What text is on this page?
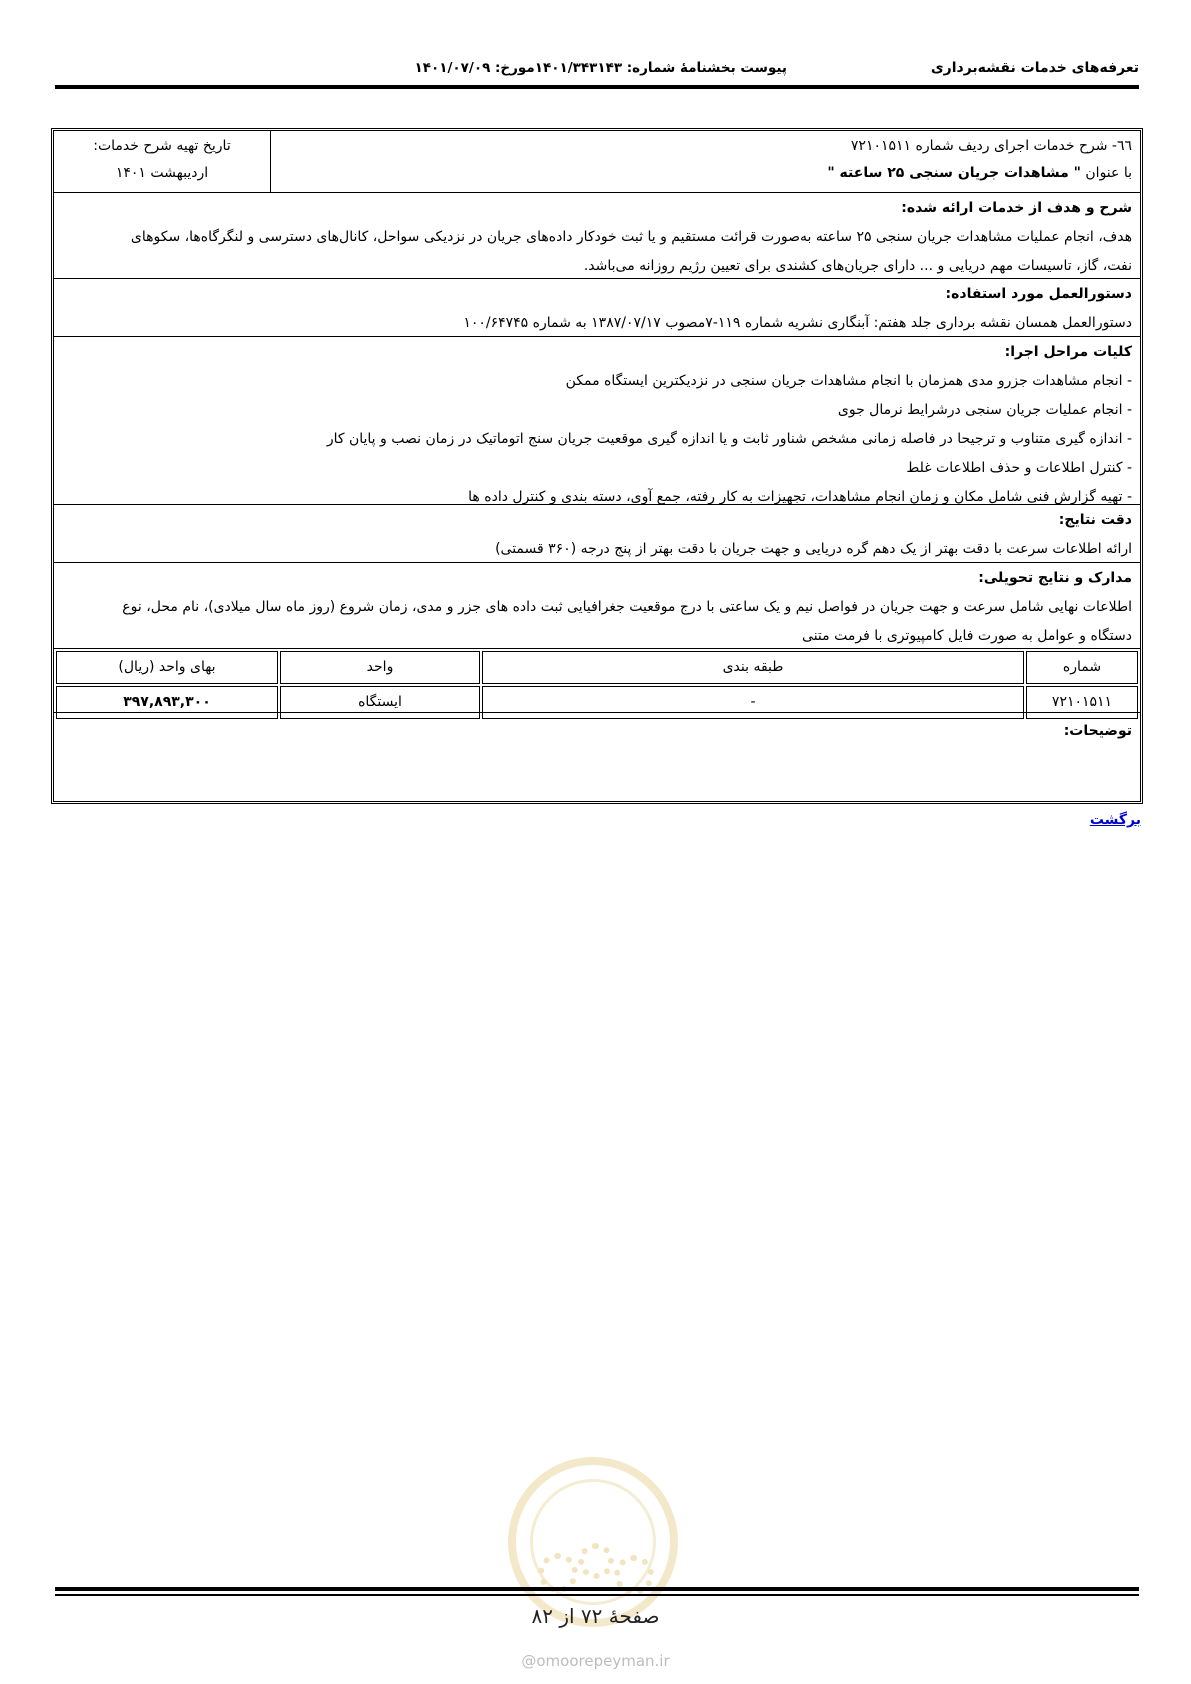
تعرفه‌های خدمات نقشه‌برداری
پیوست بخشنامۀ شماره: ۱۴۰۱/۳۴۳۱۴۳مورخ: ۱۴۰۱/۰۷/۰۹
٦٦- شرح خدمات اجرای ردیف شماره ۷۲۱۰۱۵۱۱
با عنوان " مشاهدات جریان سنجی ۲۵ ساعته "
تاریخ تهیه شرح خدمات:
اردیبهشت ۱۴۰۱
شرح و هدف از خدمات ارائه شده:
هدف، انجام عملیات مشاهدات جریان سنجی ۲۵ ساعته به‌صورت قرائت مستقیم و یا ثبت خودکار داده‌های جریان در نزدیکی سواحل، کانال‌های دسترسی و لنگرگاه‌ها، سکوهای
نفت، گاز، تاسیسات مهم دریایی و ... دارای جریان‌های کشندی برای تعیین رژیم روزانه می‌باشد.
دستورالعمل مورد استفاده:
دستورالعمل همسان نقشه برداری جلد هفتم: آبنگاری نشریه شماره ۱۱۹-۷مصوب ۱۳۸۷/۰۷/۱۷ به شماره ۱۰۰/۶۴۷۴۵
کلیات مراحل اجرا:
- انجام مشاهدات جزرو مدی همزمان با انجام مشاهدات جریان سنجی در نزدیکترین ایستگاه ممکن
- انجام عملیات جریان سنجی درشرایط نرمال جوی
- اندازه گیری متناوب و ترجیحا در فاصله زمانی مشخص شناور ثابت و یا اندازه گیری موقعیت جریان سنج اتوماتیک در زمان نصب و پایان کار
- کنترل اطلاعات و حذف اطلاعات غلط
- تهیه گزارش فنی شامل مکان و زمان انجام مشاهدات، تجهیزات به کار رفته، جمع آوی، دسته بندی و کنترل داده ها
دقت نتایج:
ارائه اطلاعات سرعت با دقت بهتر از یک دهم گره دریایی و جهت جریان با دقت بهتر از پنج درجه (۳۶۰ قسمتی)
مدارک و نتایج تحویلی:
اطلاعات نهایی شامل سرعت و جهت جریان در فواصل نیم و یک ساعتی با درج موقعیت جغرافیایی ثبت داده های جزر و مدی، زمان شروع (روز ماه سال میلادی)، نام محل، نوع
دستگاه و عوامل به صورت فایل کامپیوتری با فرمت متنی
شماره	طبقه بندی	واحد	بهای واحد (ریال)
۷۲۱۰۱۵۱۱	-	ایستگاه	۳۹۷,۸۹۳,۳۰۰
توضیحات:
برگشت
صفحۀ ۷۲ از ۸۲
@omoorepeyman.ir
